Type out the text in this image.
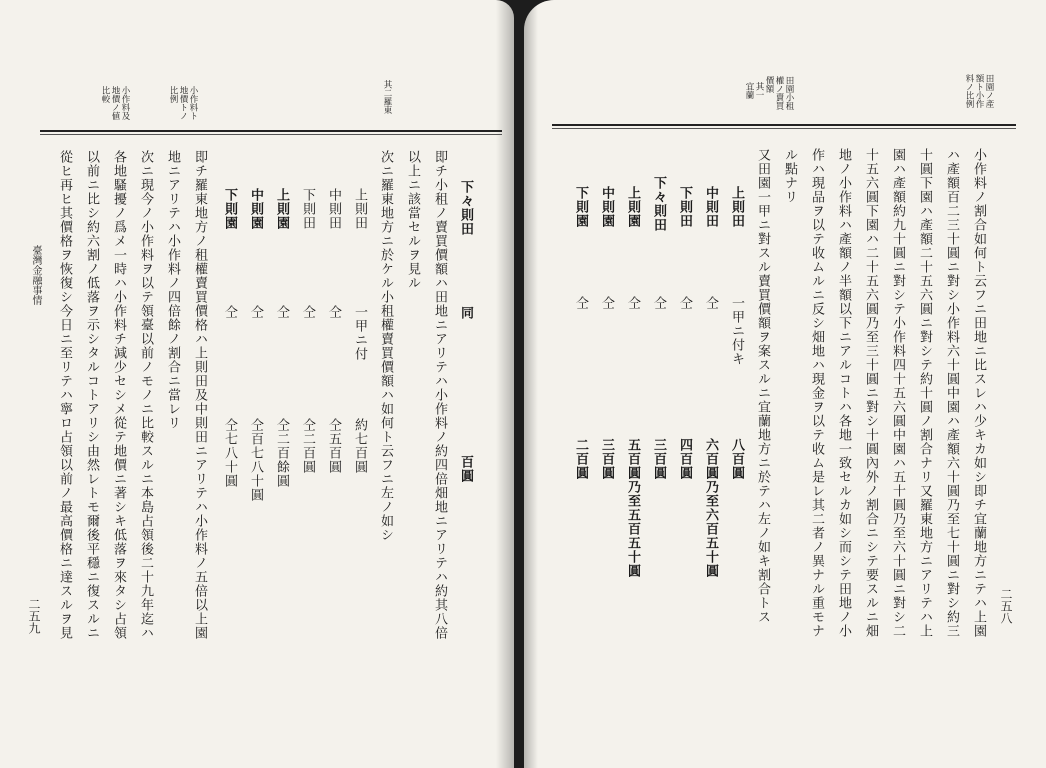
小作料及
地價ノ値
比較	小作料ト
地價トノ
比例	其二羅東
下々則田
同
百圓
即チ小租ノ賣買價額ハ田地ニアリテハ小作料ノ約四倍畑地ニアリテハ約其八倍
以上ニ該當セルヲ見ル
次ニ羅東地方ニ於ケル小租權賣買價額ハ如何ト云フニ左ノ如シ
上則田
一甲ニ付
約七百圓
中則田
仝
仝五百圓
下則田
仝
仝二百圓
上則園
仝
仝二百餘圓
中則園
仝
仝百七八十圓
下則園
仝
仝七八十圓
即チ羅東地方ノ租權賣買價格ハ上則田及中則田ニアリテハ小作料ノ五倍以上園
地ニアリテハ小作料ノ四倍餘ノ割合ニ當レリ
次ニ現今ノ小作料ヲ以テ領臺以前ノモノニ比較スルニ本島占領後二十九年迄ハ
各地騷擾ノ爲メ一時ハ小作料チ減少セシメ從テ地價ニ著シキ低落ヲ來タシ占領
以前ニ比シ約六割ノ低落ヲ示シタルコトアリシ由然レトモ爾後平穩ニ復スルニ
從ヒ再ヒ其價格ヲ恢復シ今日ニ至リテハ寧ロ占領以前ノ最高價格ニ達スルヲ見
臺灣金融事情
二五九
田園ノ產
額ト小作
料ノ比例
田園小租
權ノ賣買
價額
其一
宜蘭
二五八
小作料ノ割合如何ト云フニ田地ニ比スレハ少キカ如シ即チ宜蘭地方ニテハ上園
ハ產額百二三十圓ニ對シ小作料六十圓中園ハ產額六十圓乃至七十圓ニ對シ約三
十圓下園ハ產額二十五六圓ニ對シテ約十圓ノ割合ナリ又羅東地方ニアリテハ上
園ハ產額約九十圓ニ對シテ小作料四十五六圓中園ハ五十圓乃至六十圓ニ對シ二
十五六圓下園ハ二十五六圓乃至三十圓ニ對シ十圓內外ノ割合ニシテ要スルニ畑
地ノ小作料ハ產額ノ半額以下ニアルコトハ各地一致セルカ如シ而シテ田地ノ小
作ハ現品ヲ以テ收ムルニ反シ畑地ハ現金ヲ以テ收ム是レ其二者ノ異ナル重モナ
ル點ナリ
又田園一甲ニ對スル賣買價額ヲ案スルニ宜蘭地方ニ於テハ左ノ如キ割合トス
上則田
一甲ニ付キ
八百圓
中則田
仝
六百圓乃至六百五十圓
下則田
仝
四百圓
下々則田
仝
三百圓
上則園
仝
五百圓乃至五百五十圓
中則園
仝
三百圓
下則園
仝
二百圓
